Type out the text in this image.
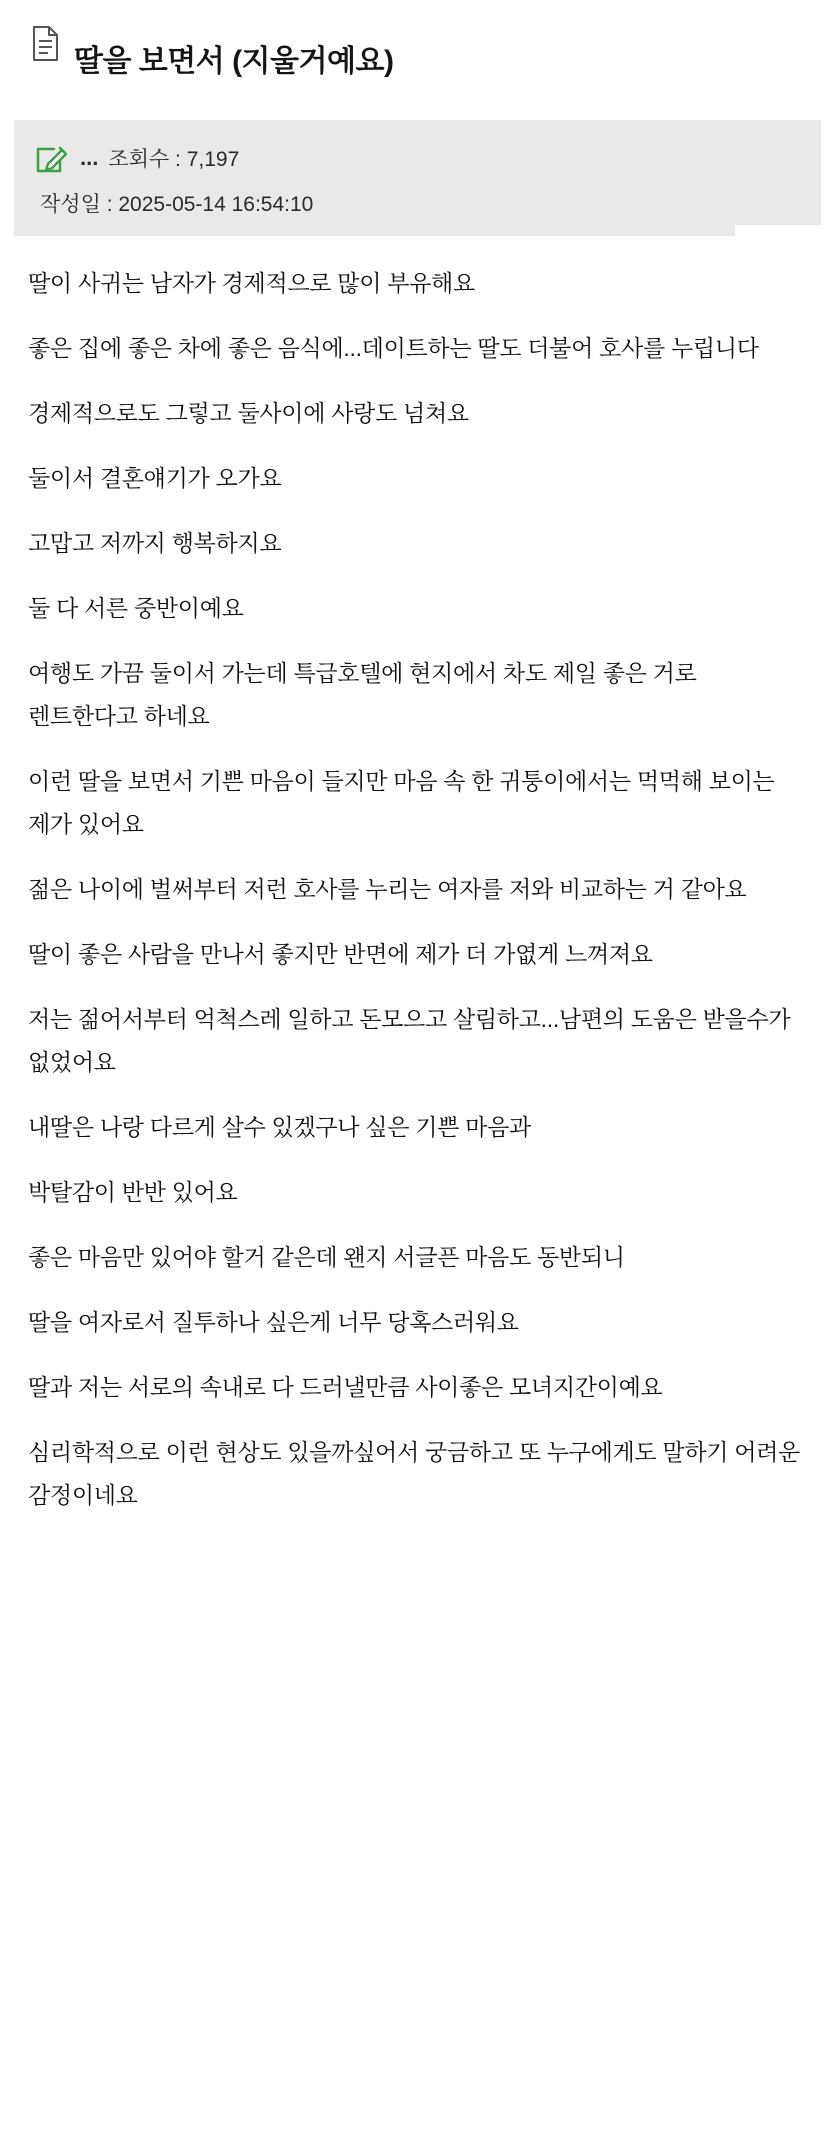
딸을 보면서 (지울거예요)
... 조회수 : 7,197
작성일 : 2025-05-14 16:54:10

딸이 사귀는 남자가 경제적으로 많이 부유해요

좋은 집에 좋은 차에 좋은 음식에...데이트하는 딸도 더불어 호사를 누립니다

경제적으로도 그렇고 둘사이에 사랑도 넘쳐요

둘이서 결혼얘기가 오가요

고맙고 저까지 행복하지요

둘 다 서른 중반이예요

여행도 가끔 둘이서 가는데 특급호텔에 현지에서 차도 제일 좋은 거로 렌트한다고 하네요

이런 딸을 보면서 기쁜 마음이 들지만 마음 속 한 귀퉁이에서는 먹먹해 보이는 제가 있어요

젊은 나이에 벌써부터 저런 호사를 누리는 여자를 저와 비교하는 거 같아요

딸이 좋은 사람을 만나서 좋지만 반면에 제가 더 가엾게 느껴져요

저는 젊어서부터 억척스레 일하고 돈모으고 살림하고...남편의 도움은 받을수가 없었어요

내딸은 나랑 다르게 살수 있겠구나 싶은 기쁜 마음과

박탈감이 반반 있어요

좋은 마음만 있어야 할거 같은데 왠지 서글픈 마음도 동반되니

딸을 여자로서 질투하나 싶은게 너무 당혹스러워요

딸과 저는 서로의 속내로 다 드러낼만큼 사이좋은 모녀지간이예요

심리학적으로 이런 현상도 있을까싶어서 궁금하고 또 누구에게도 말하기 어려운 감정이네요
